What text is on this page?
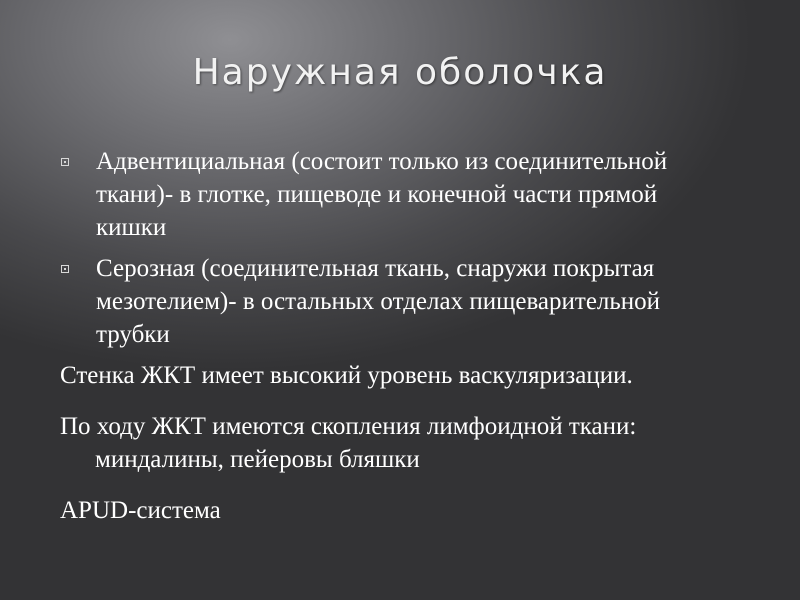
Наружная оболочка
Адвентициальная (состоит только из соединительной ткани)- в глотке, пищеводе и конечной части прямой кишки
Серозная (соединительная ткань, снаружи покрытая мезотелием)- в остальных отделах пищеварительной трубки
Стенка ЖКТ имеет высокий уровень васкуляризации.
По ходу ЖКТ имеются скопления лимфоидной ткани: миндалины, пейеровы бляшки
APUD-система
